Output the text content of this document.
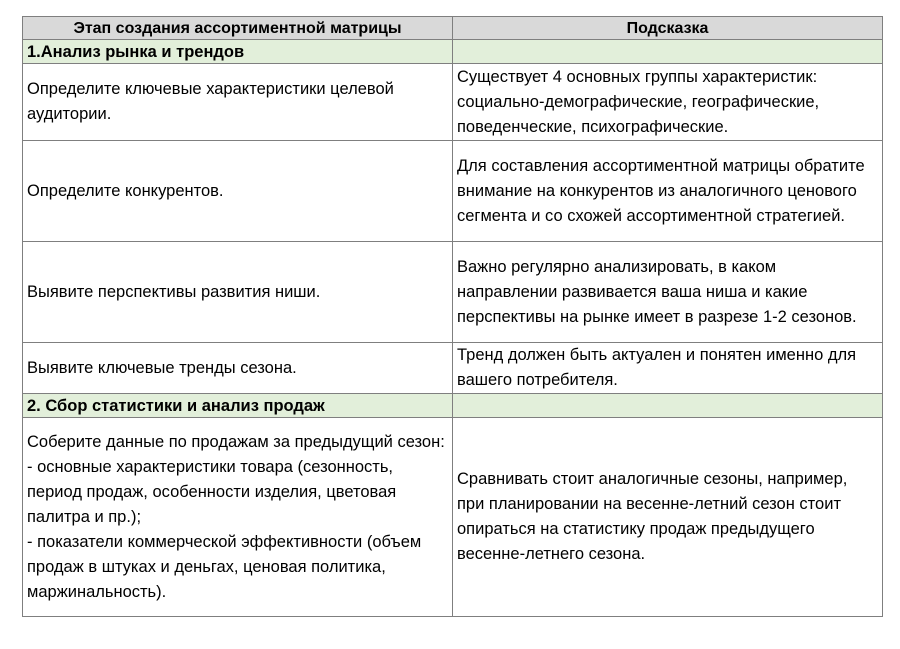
Этап создания ассортиментной матрицы	Подсказка
1.Анализ рынка и трендов	
Определите ключевые характеристики целевой аудитории.	Существует 4 основных группы характеристик: социально-демографические, географические, поведенческие, психографические.
Определите конкурентов.	Для составления ассортиментной матрицы обратите внимание на конкурентов из аналогичного ценового сегмента и со схожей ассортиментной стратегией.
Выявите перспективы развития ниши.	Важно регулярно анализировать, в каком направлении развивается ваша ниша и какие перспективы на рынке имеет в разрезе 1-2 сезонов.
Выявите ключевые тренды сезона.	Тренд должен быть актуален и понятен именно для вашего потребителя.
2. Сбор статистики и анализ продаж	
Соберите данные по продажам за предыдущий сезон:
- основные характеристики товара (сезонность, период продаж, особенности изделия, цветовая палитра и пр.);
- показатели коммерческой эффективности (объем продаж в штуках и деньгах, ценовая политика, маржинальность).	Сравнивать стоит аналогичные сезоны, например, при планировании на весенне-летний сезон стоит опираться на статистику продаж предыдущего весенне-летнего сезона.
